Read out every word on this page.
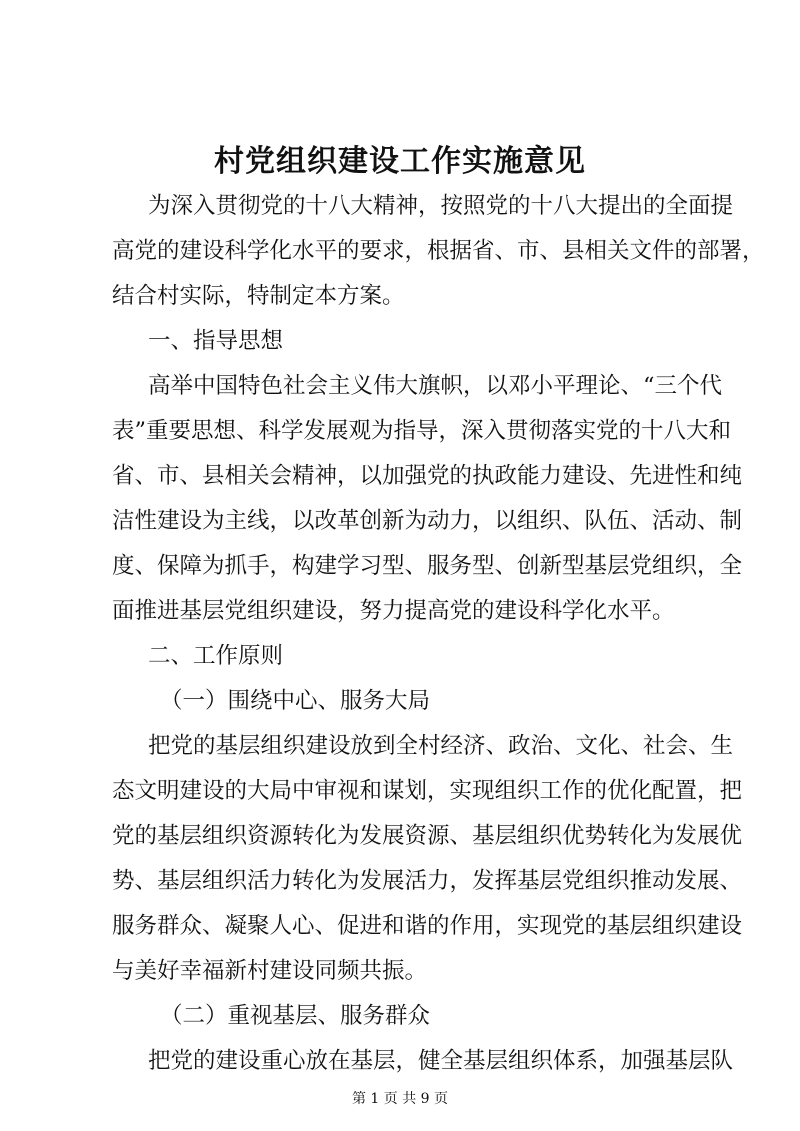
村党组织建设工作实施意见
为深入贯彻党的十八大精神，按照党的十八大提出的全面提
高党的建设科学化水平的要求，根据省、市、县相关文件的部署，
结合村实际，特制定本方案。
一、指导思想
高举中国特色社会主义伟大旗帜，以邓小平理论、“三个代
表”重要思想、科学发展观为指导，深入贯彻落实党的十八大和
省、市、县相关会精神，以加强党的执政能力建设、先进性和纯
洁性建设为主线，以改革创新为动力，以组织、队伍、活动、制
度、保障为抓手，构建学习型、服务型、创新型基层党组织，全
面推进基层党组织建设，努力提高党的建设科学化水平。
二、工作原则
（一）围绕中心、服务大局
把党的基层组织建设放到全村经济、政治、文化、社会、生
态文明建设的大局中审视和谋划，实现组织工作的优化配置，把
党的基层组织资源转化为发展资源、基层组织优势转化为发展优
势、基层组织活力转化为发展活力，发挥基层党组织推动发展、
服务群众、凝聚人心、促进和谐的作用，实现党的基层组织建设
与美好幸福新村建设同频共振。
（二）重视基层、服务群众
把党的建设重心放在基层，健全基层组织体系，加强基层队
第 1 页 共 9 页
